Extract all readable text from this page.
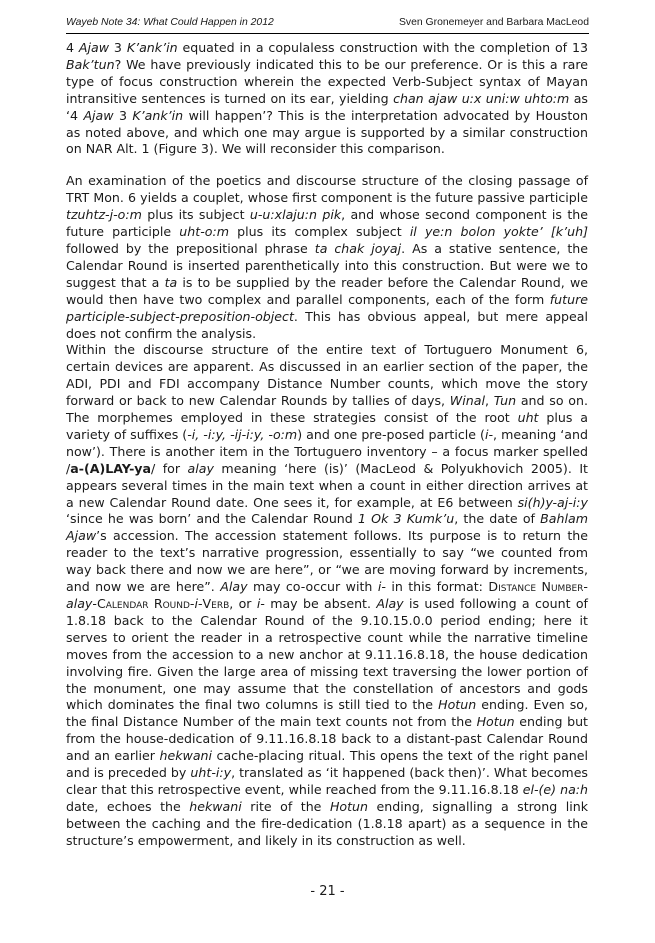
Wayeb Note 34: What Could Happen in 2012	Sven Gronemeyer and Barbara MacLeod

4 Ajaw 3 K’ank’in equated in a copulaless construction with the completion of 13 Bak’tun? We have previously indicated this to be our preference. Or is this a rare type of focus construction wherein the expected Verb-Subject syntax of Mayan intransitive sentences is turned on its ear, yielding chan ajaw u:x uni:w uhto:m as ‘4 Ajaw 3 K’ank’in will happen’? This is the interpretation advocated by Houston as noted above, and which one may argue is supported by a similar construction on NAR Alt. 1 (Figure 3). We will reconsider this comparison.

An examination of the poetics and discourse structure of the closing passage of TRT Mon. 6 yields a couplet, whose first component is the future passive participle tzuhtz-j-o:m plus its subject u-u:xlaju:n pik, and whose second component is the future participle uht-o:m plus its complex subject il ye:n bolon yokte’ [k’uh] followed by the prepositional phrase ta chak joyaj. As a stative sentence, the Calendar Round is inserted parenthetically into this construction. But were we to suggest that a ta is to be supplied by the reader before the Calendar Round, we would then have two complex and parallel components, each of the form future participle-subject-preposition-object. This has obvious appeal, but mere appeal does not confirm the analysis.

Within the discourse structure of the entire text of Tortuguero Monument 6, certain devices are apparent. As discussed in an earlier section of the paper, the ADI, PDI and FDI accompany Distance Number counts, which move the story forward or back to new Calendar Rounds by tallies of days, Winal, Tun and so on. The morphemes employed in these strategies consist of the root uht plus a variety of suffixes (-i, -i:y, -ij-i:y, -o:m) and one pre-posed particle (i-, meaning ‘and now’). There is another item in the Tortuguero inventory – a focus marker spelled /a-(A)LAY-ya/ for alay meaning ‘here (is)’ (MacLeod & Polyukhovich 2005). It appears several times in the main text when a count in either direction arrives at a new Calendar Round date. One sees it, for example, at E6 between si(h)y-aj-i:y ‘since he was born’ and the Calendar Round 1 Ok 3 Kumk’u, the date of Bahlam Ajaw’s accession. The accession statement follows. Its purpose is to return the reader to the text’s narrative progression, essentially to say “we counted from way back there and now we are here”, or “we are moving forward by increments, and now we are here”. Alay may co-occur with i- in this format: Distance Number-alay-Calendar Round-i-Verb, or i- may be absent. Alay is used following a count of 1.8.18 back to the Calendar Round of the 9.10.15.0.0 period ending; here it serves to orient the reader in a retrospective count while the narrative timeline moves from the accession to a new anchor at 9.11.16.8.18, the house dedication involving fire. Given the large area of missing text traversing the lower portion of the monument, one may assume that the constellation of ancestors and gods which dominates the final two columns is still tied to the Hotun ending. Even so, the final Distance Number of the main text counts not from the Hotun ending but from the house-dedication of 9.11.16.8.18 back to a distant-past Calendar Round and an earlier hekwani cache-placing ritual. This opens the text of the right panel and is preceded by uht-i:y, translated as ‘it happened (back then)’. What becomes clear that this retrospective event, while reached from the 9.11.16.8.18 el-(e) na:h date, echoes the hekwani rite of the Hotun ending, signalling a strong link between the caching and the fire-dedication (1.8.18 apart) as a sequence in the structure’s empowerment, and likely in its construction as well.

- 21 -
